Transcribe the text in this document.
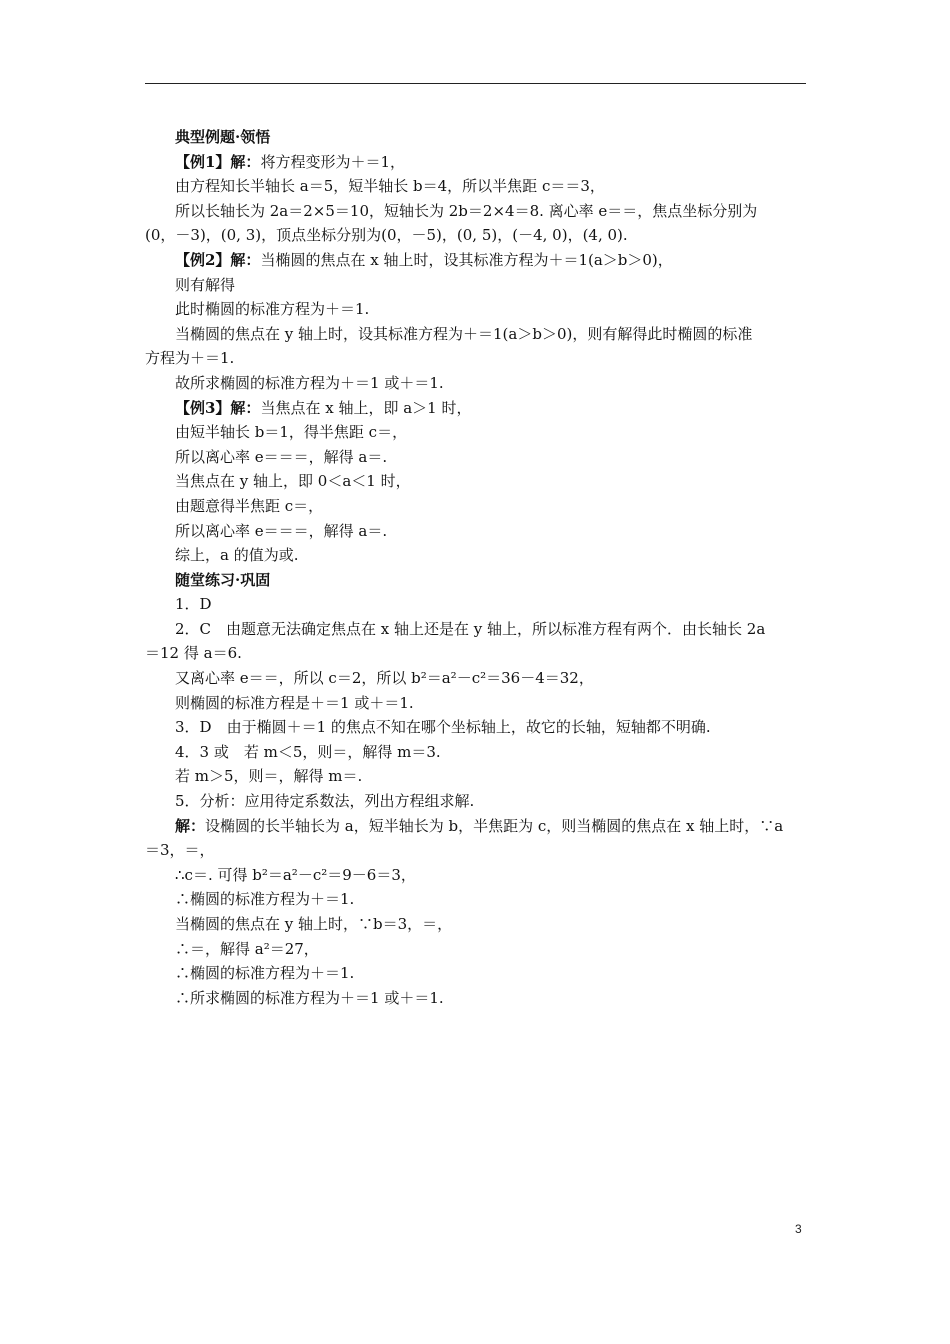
典型例题·领悟
【例1】解：将方程变形为＋＝1，
由方程知长半轴长 a＝5，短半轴长 b＝4，所以半焦距 c＝＝3，
所以长轴长为 2a＝2×5＝10，短轴长为 2b＝2×4＝8. 离心率 e＝＝，焦点坐标分别为
(0，－3)，(0, 3)，顶点坐标分别为(0，－5)，(0, 5)，(－4, 0)，(4, 0).
【例2】解：当椭圆的焦点在 x 轴上时，设其标准方程为＋＝1(a＞b＞0)，
则有解得
此时椭圆的标准方程为＋＝1.
当椭圆的焦点在 y 轴上时，设其标准方程为＋＝1(a＞b＞0)，则有解得此时椭圆的标准
方程为＋＝1.
故所求椭圆的标准方程为＋＝1 或＋＝1.
【例3】解：当焦点在 x 轴上，即 a＞1 时，
由短半轴长 b＝1，得半焦距 c＝，
所以离心率 e＝＝＝，解得 a＝.
当焦点在 y 轴上，即 0＜a＜1 时，
由题意得半焦距 c＝，
所以离心率 e＝＝＝，解得 a＝.
综上，a 的值为或.
随堂练习·巩固
1．D
2．C　由题意无法确定焦点在 x 轴上还是在 y 轴上，所以标准方程有两个．由长轴长 2a
＝12 得 a＝6.
又离心率 e＝＝，所以 c＝2，所以 b²＝a²－c²＝36－4＝32，
则椭圆的标准方程是＋＝1 或＋＝1.
3．D　由于椭圆＋＝1 的焦点不知在哪个坐标轴上，故它的长轴，短轴都不明确.
4．3 或　若 m＜5，则＝，解得 m＝3.
若 m＞5，则＝，解得 m＝.
5．分析：应用待定系数法，列出方程组求解.
解：设椭圆的长半轴长为 a，短半轴长为 b，半焦距为 c，则当椭圆的焦点在 x 轴上时，∵a
＝3，＝，
∴c＝. 可得 b²＝a²－c²＝9－6＝3，
∴椭圆的标准方程为＋＝1.
当椭圆的焦点在 y 轴上时，∵b＝3，＝，
∴＝，解得 a²＝27，
∴椭圆的标准方程为＋＝1.
∴所求椭圆的标准方程为＋＝1 或＋＝1.
3
